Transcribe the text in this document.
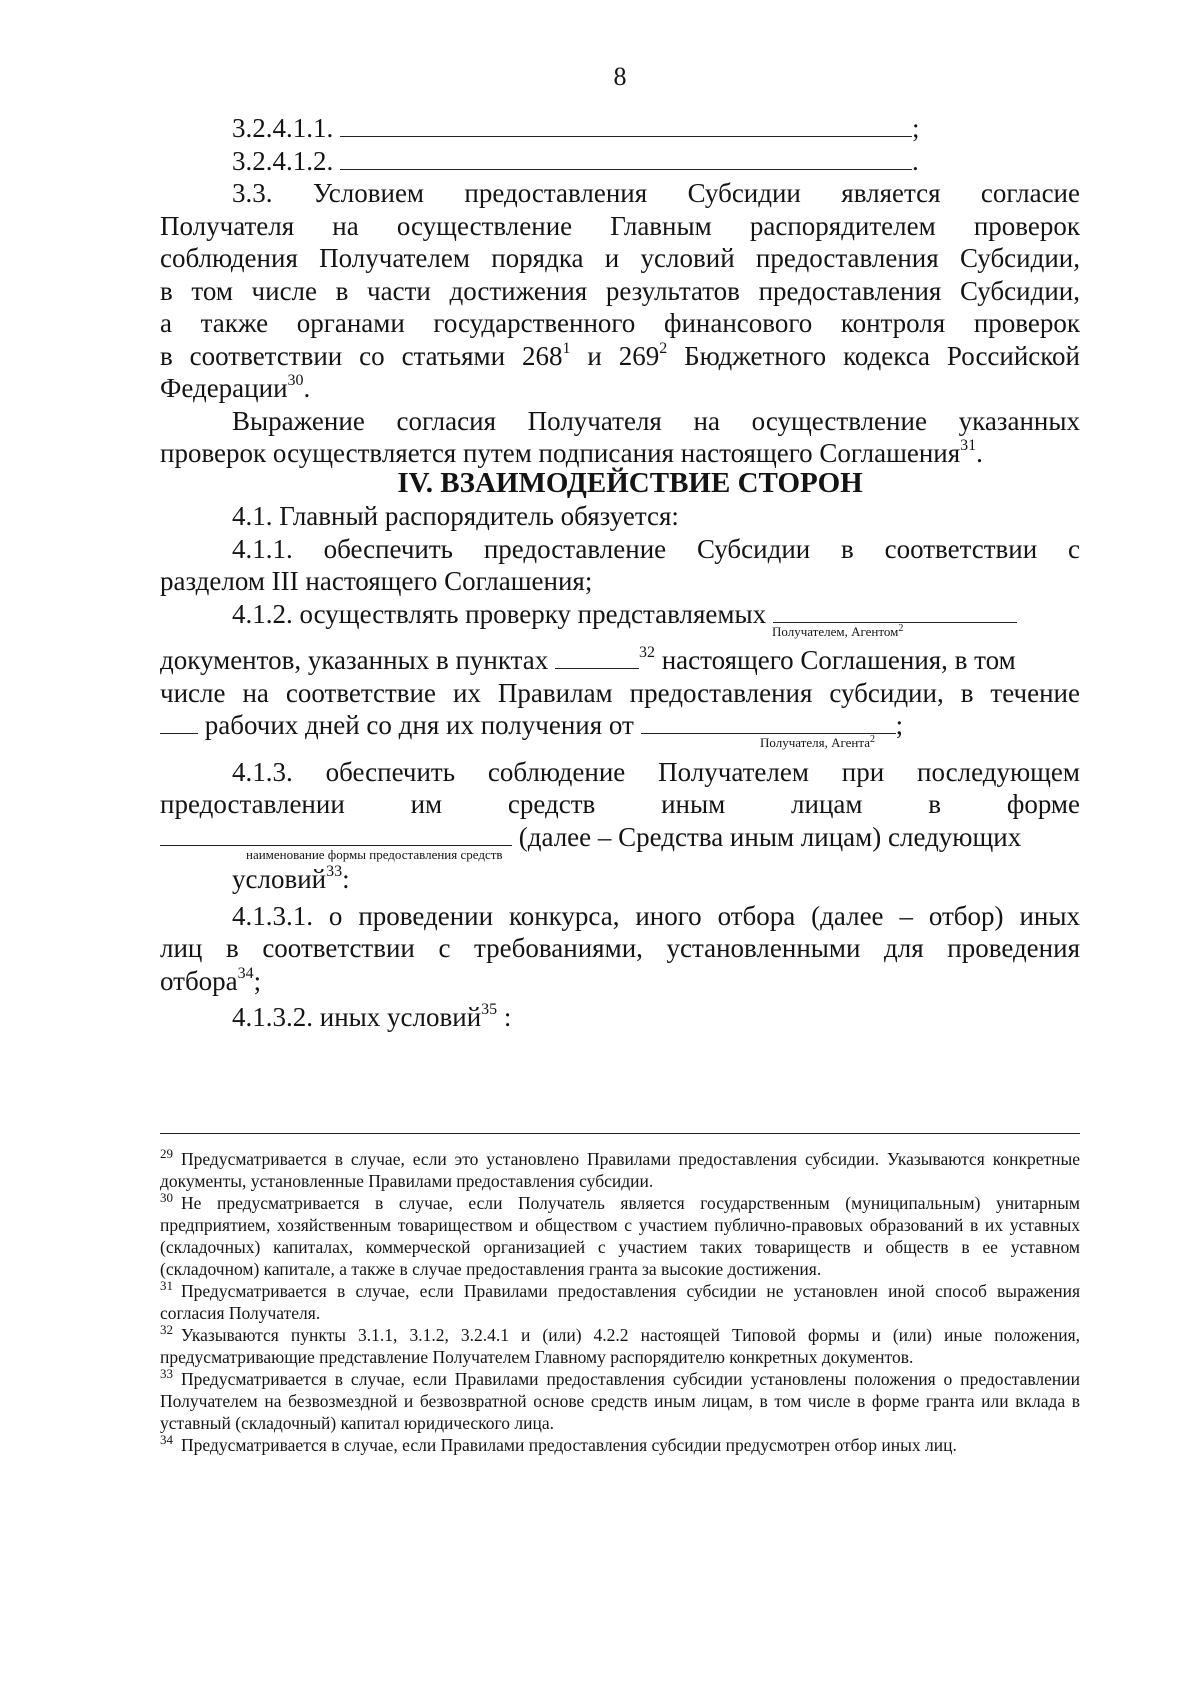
8
3.2.4.1.1.	;
3.2.4.1.2.	.
3.3. Условием предоставления Субсидии является согласие
Получателя на осуществление Главным распорядителем проверок
соблюдения Получателем порядка и условий предоставления Субсидии,
в том числе в части достижения результатов предоставления Субсидии,
а также органами государственного финансового контроля проверок
в соответствии со статьями $268^1$ и $269^2$ Бюджетного кодекса Российской
Федерации$^{30}$.
Выражение согласия Получателя на осуществление указанных
проверок осуществляется путем подписания настоящего Соглашения$^{31}$.
IV. ВЗАИМОДЕЙСТВИЕ СТОРОН
4.1. Главный распорядитель обязуется:
4.1.1. обеспечить предоставление Субсидии в соответствии с
разделом III настоящего Соглашения;
4.1.2. осуществлять проверку представляемых
Получателем, Агентом$^2$
документов, указанных в пунктах	$^{32}$ настоящего Соглашения, в том
числе на соответствие их Правилам предоставления субсидии, в течение
рабочих дней со дня их получения от	;
Получателя, Агента$^2$
4.1.3. обеспечить соблюдение Получателем при последующем
предоставлении им средств иным лицам в форме
(далее – Средства иным лицам) следующих
наименование формы предоставления средств
условий$^{33}$:
4.1.3.1. о проведении конкурса, иного отбора (далее – отбор) иных
лиц в соответствии с требованиями, установленными для проведения
отбора$^{34}$;
4.1.3.2. иных условий$^{35}$ :

$^{29}$ Предусматривается в случае, если это установлено Правилами предоставления субсидии. Указываются конкретные документы, установленные Правилами предоставления субсидии.

$^{30}$ Не предусматривается в случае, если Получатель является государственным (муниципальным) унитарным предприятием, хозяйственным товариществом и обществом с участием публично-правовых образований в их уставных (складочных) капиталах, коммерческой организацией с участием таких товариществ и обществ в ее уставном (складочном) капитале, а также в случае предоставления гранта за высокие достижения.

$^{31}$ Предусматривается в случае, если Правилами предоставления субсидии не установлен иной способ выражения согласия Получателя.

$^{32}$ Указываются пункты 3.1.1, 3.1.2, 3.2.4.1 и (или) 4.2.2 настоящей Типовой формы и (или) иные положения, предусматривающие представление Получателем Главному распорядителю конкретных документов.

$^{33}$ Предусматривается в случае, если Правилами предоставления субсидии установлены положения о предоставлении Получателем на безвозмездной и безвозвратной основе средств иным лицам, в том числе в форме гранта или вклада в уставный (складочный) капитал юридического лица.

$^{34}$ Предусматривается в случае, если Правилами предоставления субсидии предусмотрен отбор иных лиц.
